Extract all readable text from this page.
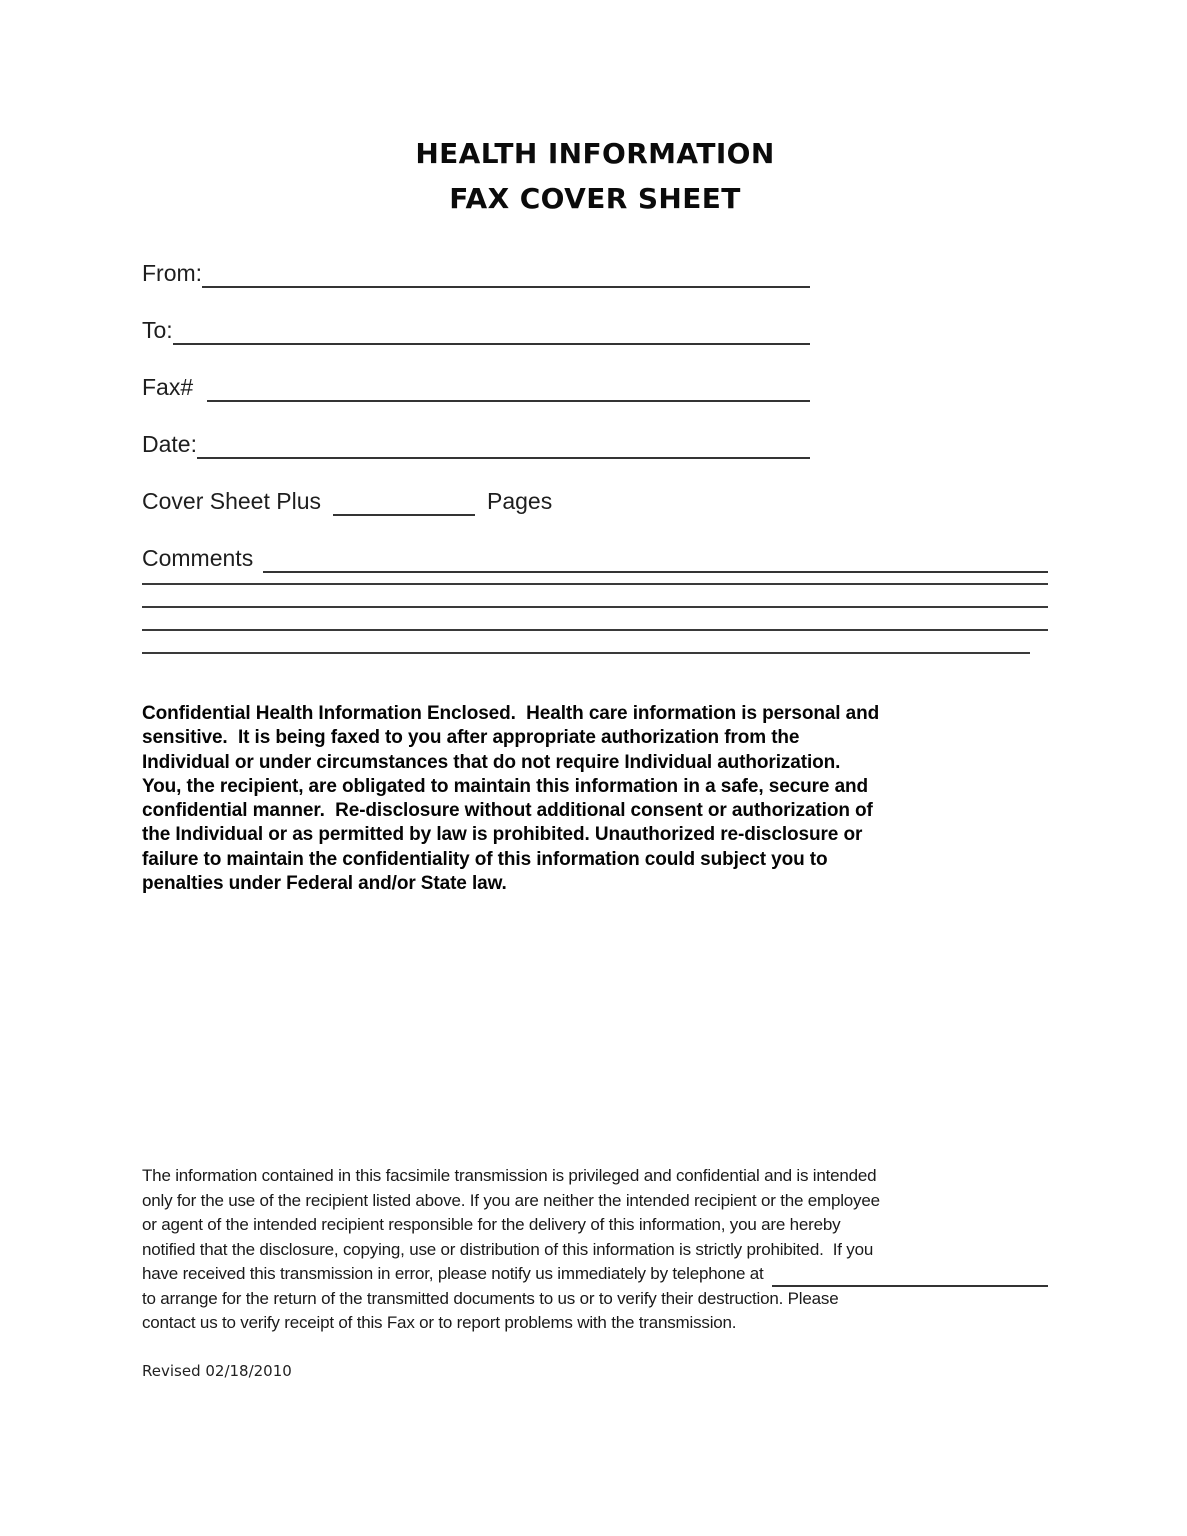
HEALTH INFORMATION
FAX COVER SHEET
From:
To:
Fax#
Date:
Cover Sheet Plus	Pages
Comments
Confidential Health Information Enclosed.  Health care information is personal and
sensitive.  It is being faxed to you after appropriate authorization from the
Individual or under circumstances that do not require Individual authorization.
You, the recipient, are obligated to maintain this information in a safe, secure and
confidential manner.  Re-disclosure without additional consent or authorization of
the Individual or as permitted by law is prohibited. Unauthorized re-disclosure or
failure to maintain the confidentiality of this information could subject you to
penalties under Federal and/or State law.
The information contained in this facsimile transmission is privileged and confidential and is intended
only for the use of the recipient listed above. If you are neither the intended recipient or the employee
or agent of the intended recipient responsible for the delivery of this information, you are hereby
notified that the disclosure, copying, use or distribution of this information is strictly prohibited.  If you
have received this transmission in error, please notify us immediately by telephone at
to arrange for the return of the transmitted documents to us or to verify their destruction. Please
contact us to verify receipt of this Fax or to report problems with the transmission.
Revised 02/18/2010
